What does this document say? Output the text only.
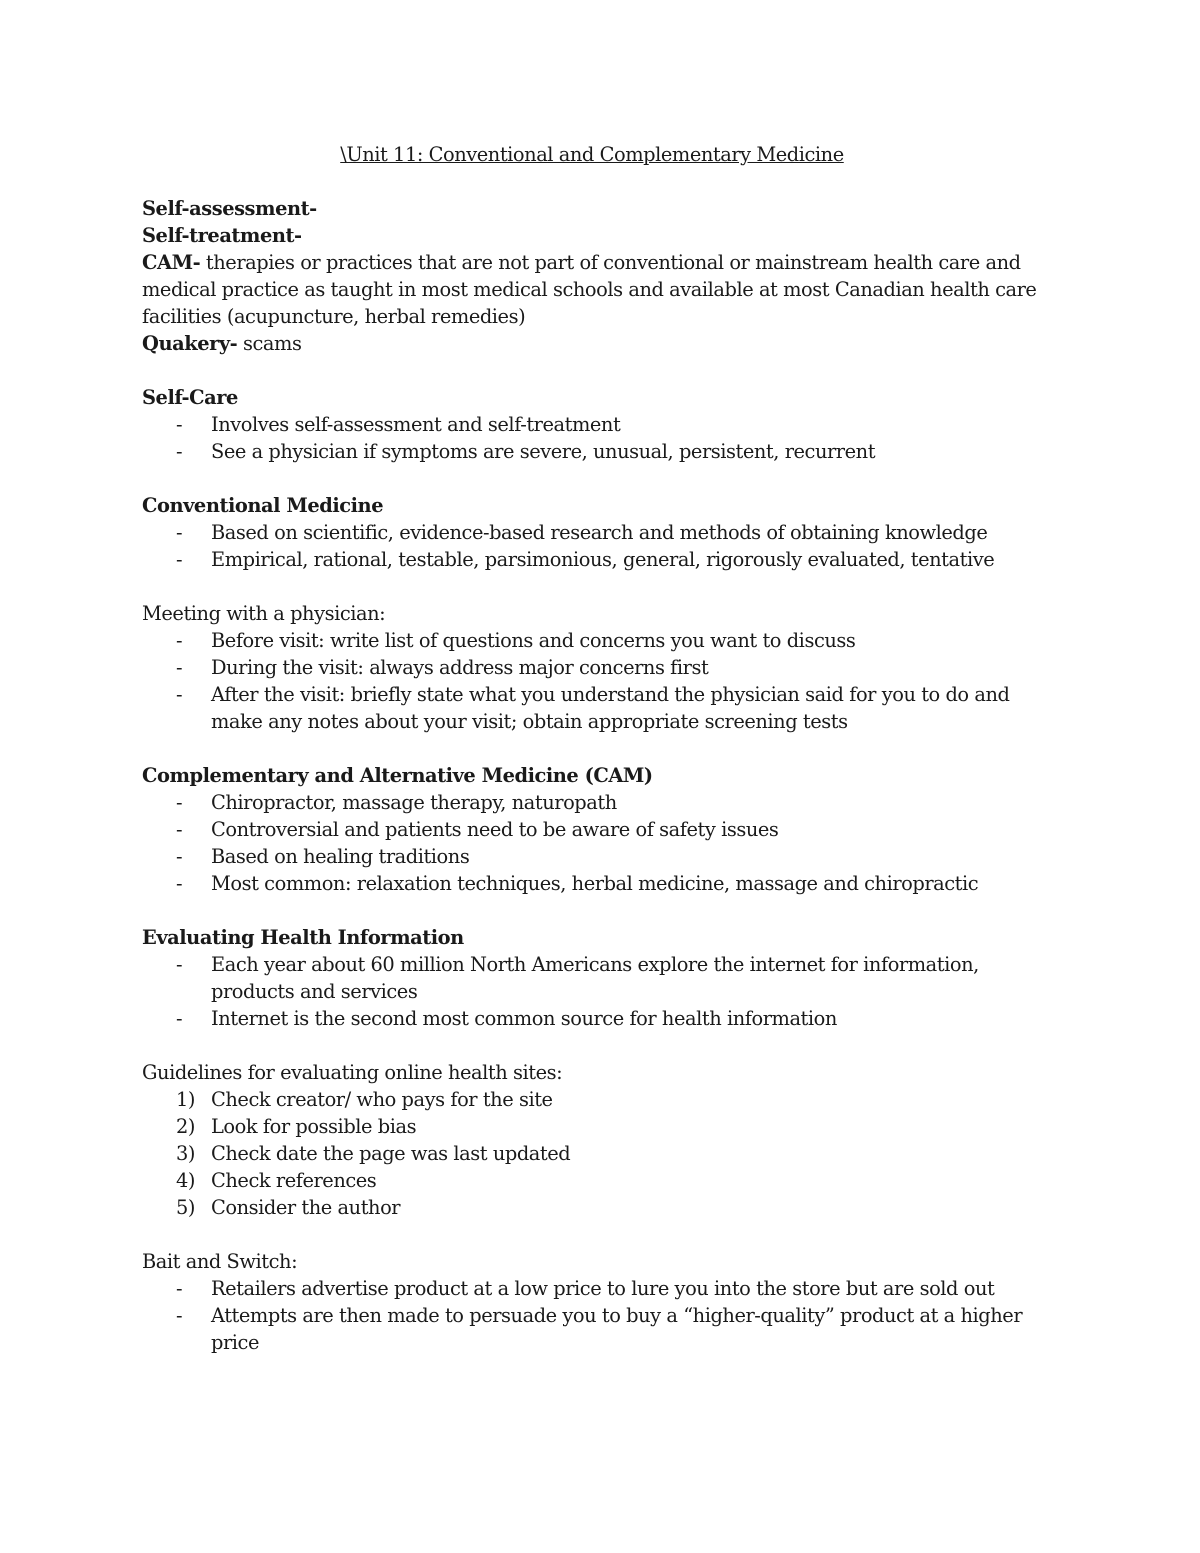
\Unit 11: Conventional and Complementary Medicine
Self-assessment-
Self-treatment-
CAM- therapies or practices that are not part of conventional or mainstream health care and
medical practice as taught in most medical schools and available at most Canadian health care
facilities (acupuncture, herbal remedies)
Quakery- scams
Self-Care
- Involves self-assessment and self-treatment
- See a physician if symptoms are severe, unusual, persistent, recurrent
Conventional Medicine
- Based on scientific, evidence-based research and methods of obtaining knowledge
- Empirical, rational, testable, parsimonious, general, rigorously evaluated, tentative
Meeting with a physician:
- Before visit: write list of questions and concerns you want to discuss
- During the visit: always address major concerns first
- After the visit: briefly state what you understand the physician said for you to do and
make any notes about your visit; obtain appropriate screening tests
Complementary and Alternative Medicine (CAM)
- Chiropractor, massage therapy, naturopath
- Controversial and patients need to be aware of safety issues
- Based on healing traditions
- Most common: relaxation techniques, herbal medicine, massage and chiropractic
Evaluating Health Information
- Each year about 60 million North Americans explore the internet for information,
products and services
- Internet is the second most common source for health information
Guidelines for evaluating online health sites:
1) Check creator/ who pays for the site
2) Look for possible bias
3) Check date the page was last updated
4) Check references
5) Consider the author
Bait and Switch:
- Retailers advertise product at a low price to lure you into the store but are sold out
- Attempts are then made to persuade you to buy a “higher-quality” product at a higher
price
